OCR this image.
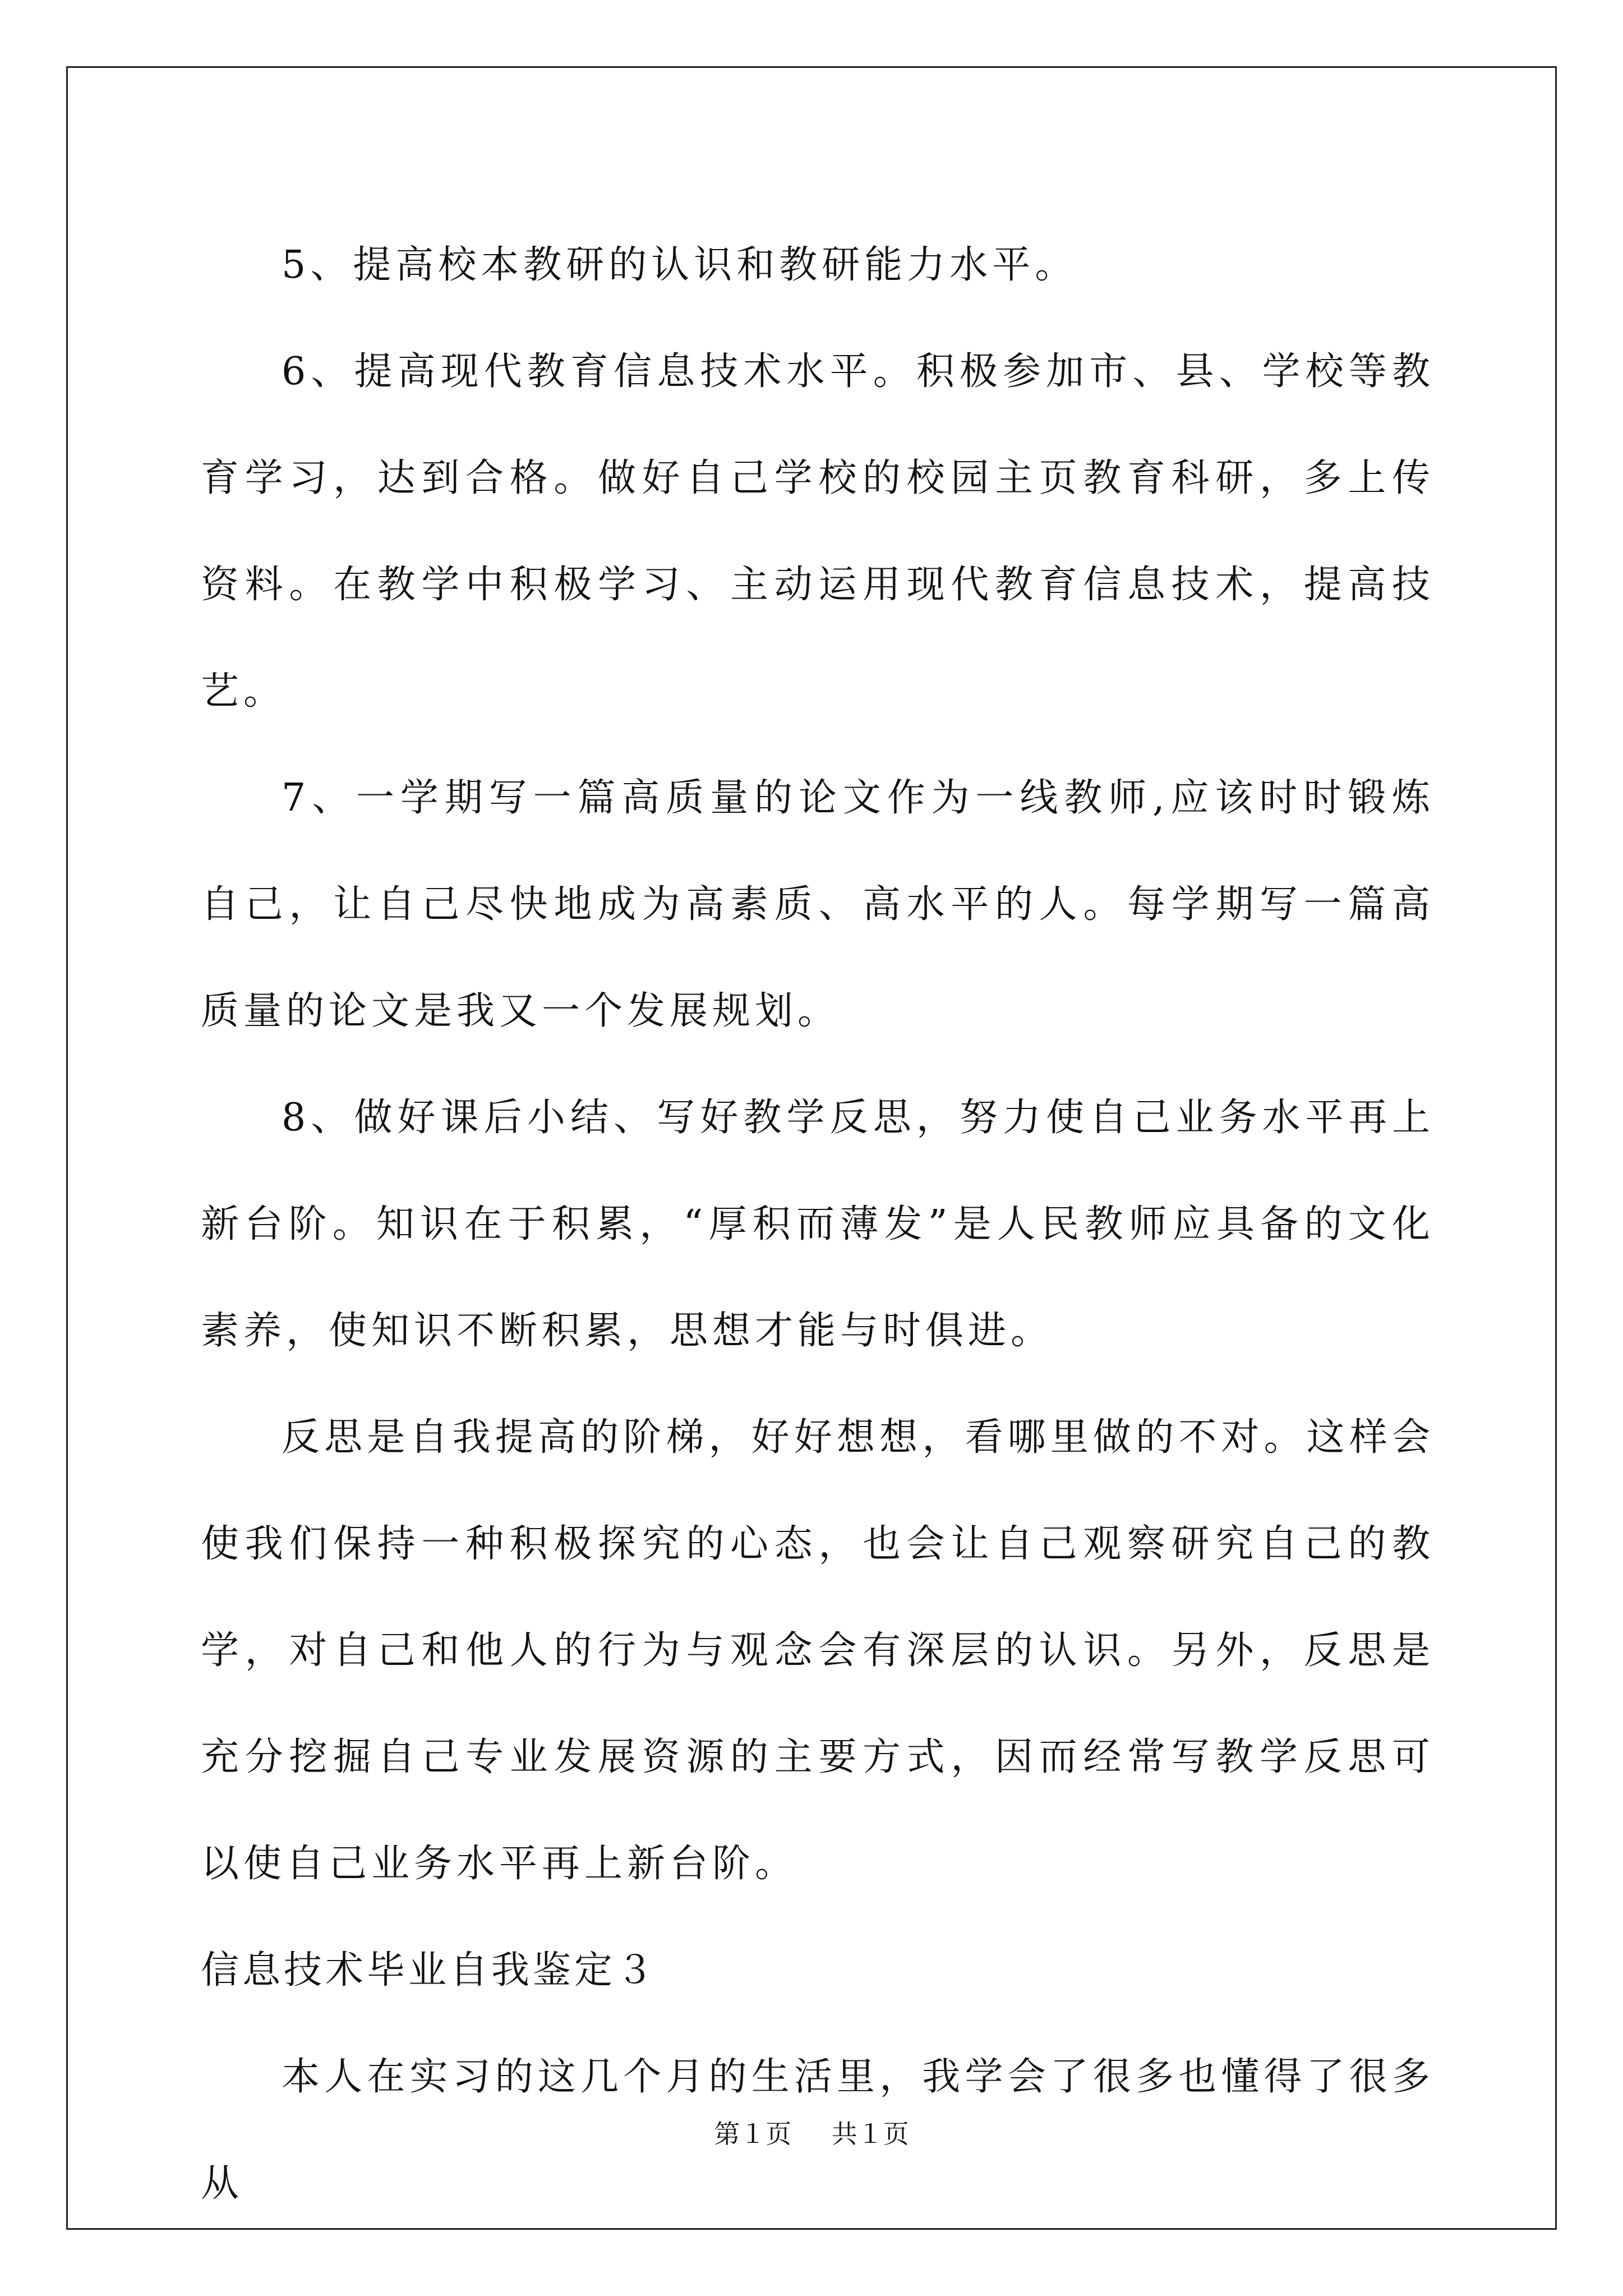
5、提高校本教研的认识和教研能力水平。

6、提高现代教育信息技术水平。积极参加市、县、学校等教育学习，达到合格。做好自己学校的校园主页教育科研，多上传资料。在教学中积极学习、主动运用现代教育信息技术，提高技艺。

7、一学期写一篇高质量的论文作为一线教师,应该时时锻炼自己，让自己尽快地成为高素质、高水平的人。每学期写一篇高质量的论文是我又一个发展规划。

8、做好课后小结、写好教学反思，努力使自己业务水平再上新台阶。知识在于积累，“厚积而薄发”是人民教师应具备的文化素养，使知识不断积累，思想才能与时俱进。

反思是自我提高的阶梯，好好想想，看哪里做的不对。这样会使我们保持一种积极探究的心态，也会让自己观察研究自己的教学，对自己和他人的行为与观念会有深层的认识。另外，反思是充分挖掘自己专业发展资源的主要方式，因而经常写教学反思可以使自己业务水平再上新台阶。

信息技术毕业自我鉴定３

本人在实习的这几个月的生活里，我学会了很多也懂得了很多从

第１页 共１页
